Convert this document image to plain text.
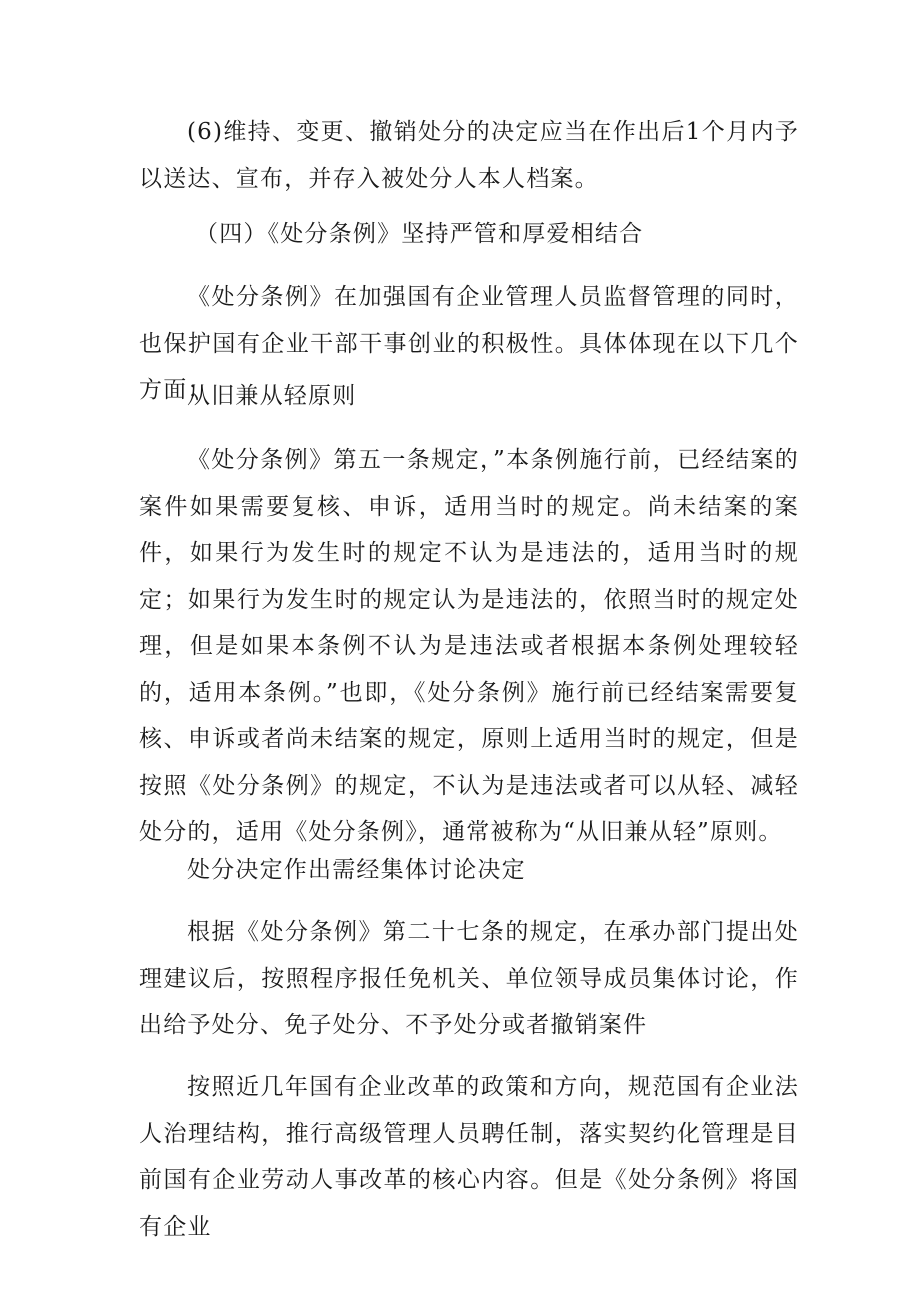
(6)维持、变更、撤销处分的决定应当在作出后1个月内予以送达、宣布，并存入被处分人本人档案。

（四）《处分条例》坚持严管和厚爱相结合

《处分条例》在加强国有企业管理人员监督管理的同时，也保护国有企业干部干事创业的积极性。具体体现在以下几个方面：

从旧兼从轻原则

《处分条例》第五一条规定，”本条例施行前，已经结案的案件如果需要复核、申诉，适用当时的规定。尚未结案的案件，如果行为发生时的规定不认为是违法的，适用当时的规定；如果行为发生时的规定认为是违法的，依照当时的规定处理，但是如果本条例不认为是违法或者根据本条例处理较轻的，适用本条例。”也即，《处分条例》施行前已经结案需要复核、申诉或者尚未结案的规定，原则上适用当时的规定，但是按照《处分条例》的规定，不认为是违法或者可以从轻、减轻处分的，适用《处分条例》，通常被称为“从旧兼从轻”原则。

处分决定作出需经集体讨论决定

根据《处分条例》第二十七条的规定，在承办部门提出处理建议后，按照程序报任免机关、单位领导成员集体讨论，作出给予处分、免子处分、不予处分或者撤销案件

按照近几年国有企业改革的政策和方向，规范国有企业法人治理结构，推行高级管理人员聘任制，落实契约化管理是目前国有企业劳动人事改革的核心内容。但是《处分条例》将国有企业
